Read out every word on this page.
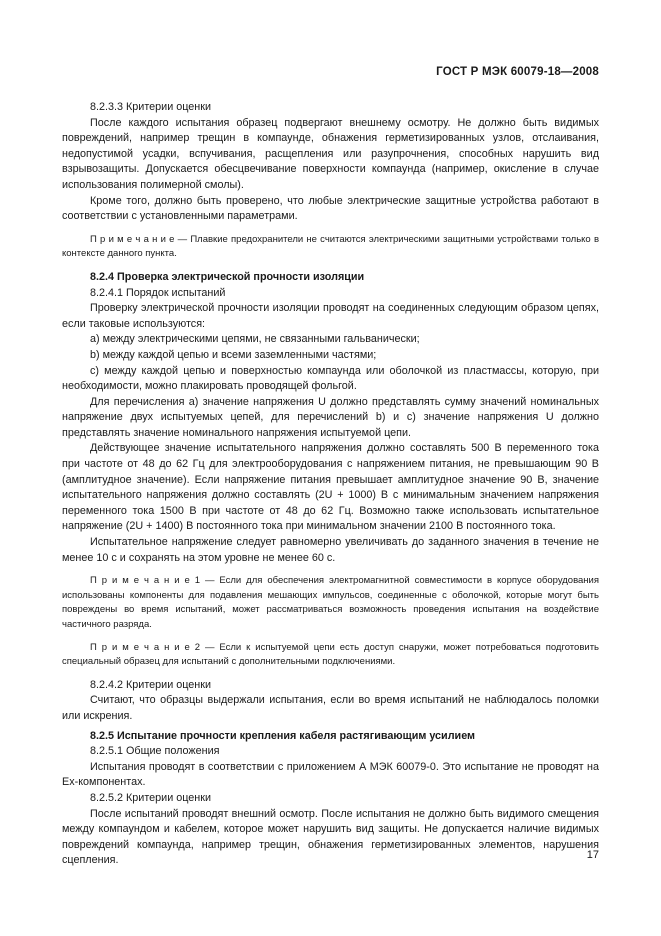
ГОСТ Р МЭК 60079-18—2008

8.2.3.3 Критерии оценки

После каждого испытания образец подвергают внешнему осмотру. Не должно быть видимых повреждений, например трещин в компаунде, обнажения герметизированных узлов, отслаивания, недопустимой усадки, вспучивания, расщепления или разупрочнения, способных нарушить вид взрывозащиты. Допускается обесцвечивание поверхности компаунда (например, окисление в случае использования полимерной смолы).

Кроме того, должно быть проверено, что любые электрические защитные устройства работают в соответствии с установленными параметрами.

П р и м е ч а н и е — Плавкие предохранители не считаются электрическими защитными устройствами только в контексте данного пункта.

8.2.4 Проверка электрической прочности изоляции

8.2.4.1 Порядок испытаний

Проверку электрической прочности изоляции проводят на соединенных следующим образом цепях, если таковые используются:

а) между электрическими цепями, не связанными гальванически;

b) между каждой цепью и всеми заземленными частями;

с) между каждой цепью и поверхностью компаунда или оболочкой из пластмассы, которую, при необходимости, можно плакировать проводящей фольгой.

Для перечисления а) значение напряжения U должно представлять сумму значений номинальных напряжение двух испытуемых цепей, для перечислений b) и с) значение напряжения U должно представлять значение номинального напряжения испытуемой цепи.

Действующее значение испытательного напряжения должно составлять 500 В переменного тока при частоте от 48 до 62 Гц для электрооборудования с напряжением питания, не превышающим 90 В (амплитудное значение). Если напряжение питания превышает амплитудное значение 90 В, значение испытательного напряжения должно составлять (2U + 1000) В с минимальным значением напряжения переменного тока 1500 В при частоте от 48 до 62 Гц. Возможно также использовать испытательное напряжение (2U + 1400) В постоянного тока при минимальном значении 2100 В постоянного тока.

Испытательное напряжение следует равномерно увеличивать до заданного значения в течение не менее 10 с и сохранять на этом уровне не менее 60 с.

П р и м е ч а н и е 1 — Если для обеспечения электромагнитной совместимости в корпусе оборудования использованы компоненты для подавления мешающих импульсов, соединенные с оболочкой, которые могут быть повреждены во время испытаний, может рассматриваться возможность проведения испытания на воздействие частичного разряда.

П р и м е ч а н и е 2 — Если к испытуемой цепи есть доступ снаружи, может потребоваться подготовить специальный образец для испытаний с дополнительными подключениями.

8.2.4.2 Критерии оценки

Считают, что образцы выдержали испытания, если во время испытаний не наблюдалось поломки или искрения.

8.2.5 Испытание прочности крепления кабеля растягивающим усилием

8.2.5.1 Общие положения

Испытания проводят в соответствии с приложением А МЭК 60079-0. Это испытание не проводят на Ex-компонентах.

8.2.5.2 Критерии оценки

После испытаний проводят внешний осмотр. После испытания не должно быть видимого смещения между компаундом и кабелем, которое может нарушить вид защиты. Не допускается наличие видимых повреждений компаунда, например трещин, обнажения герметизированных элементов, нарушения сцепления.	17
